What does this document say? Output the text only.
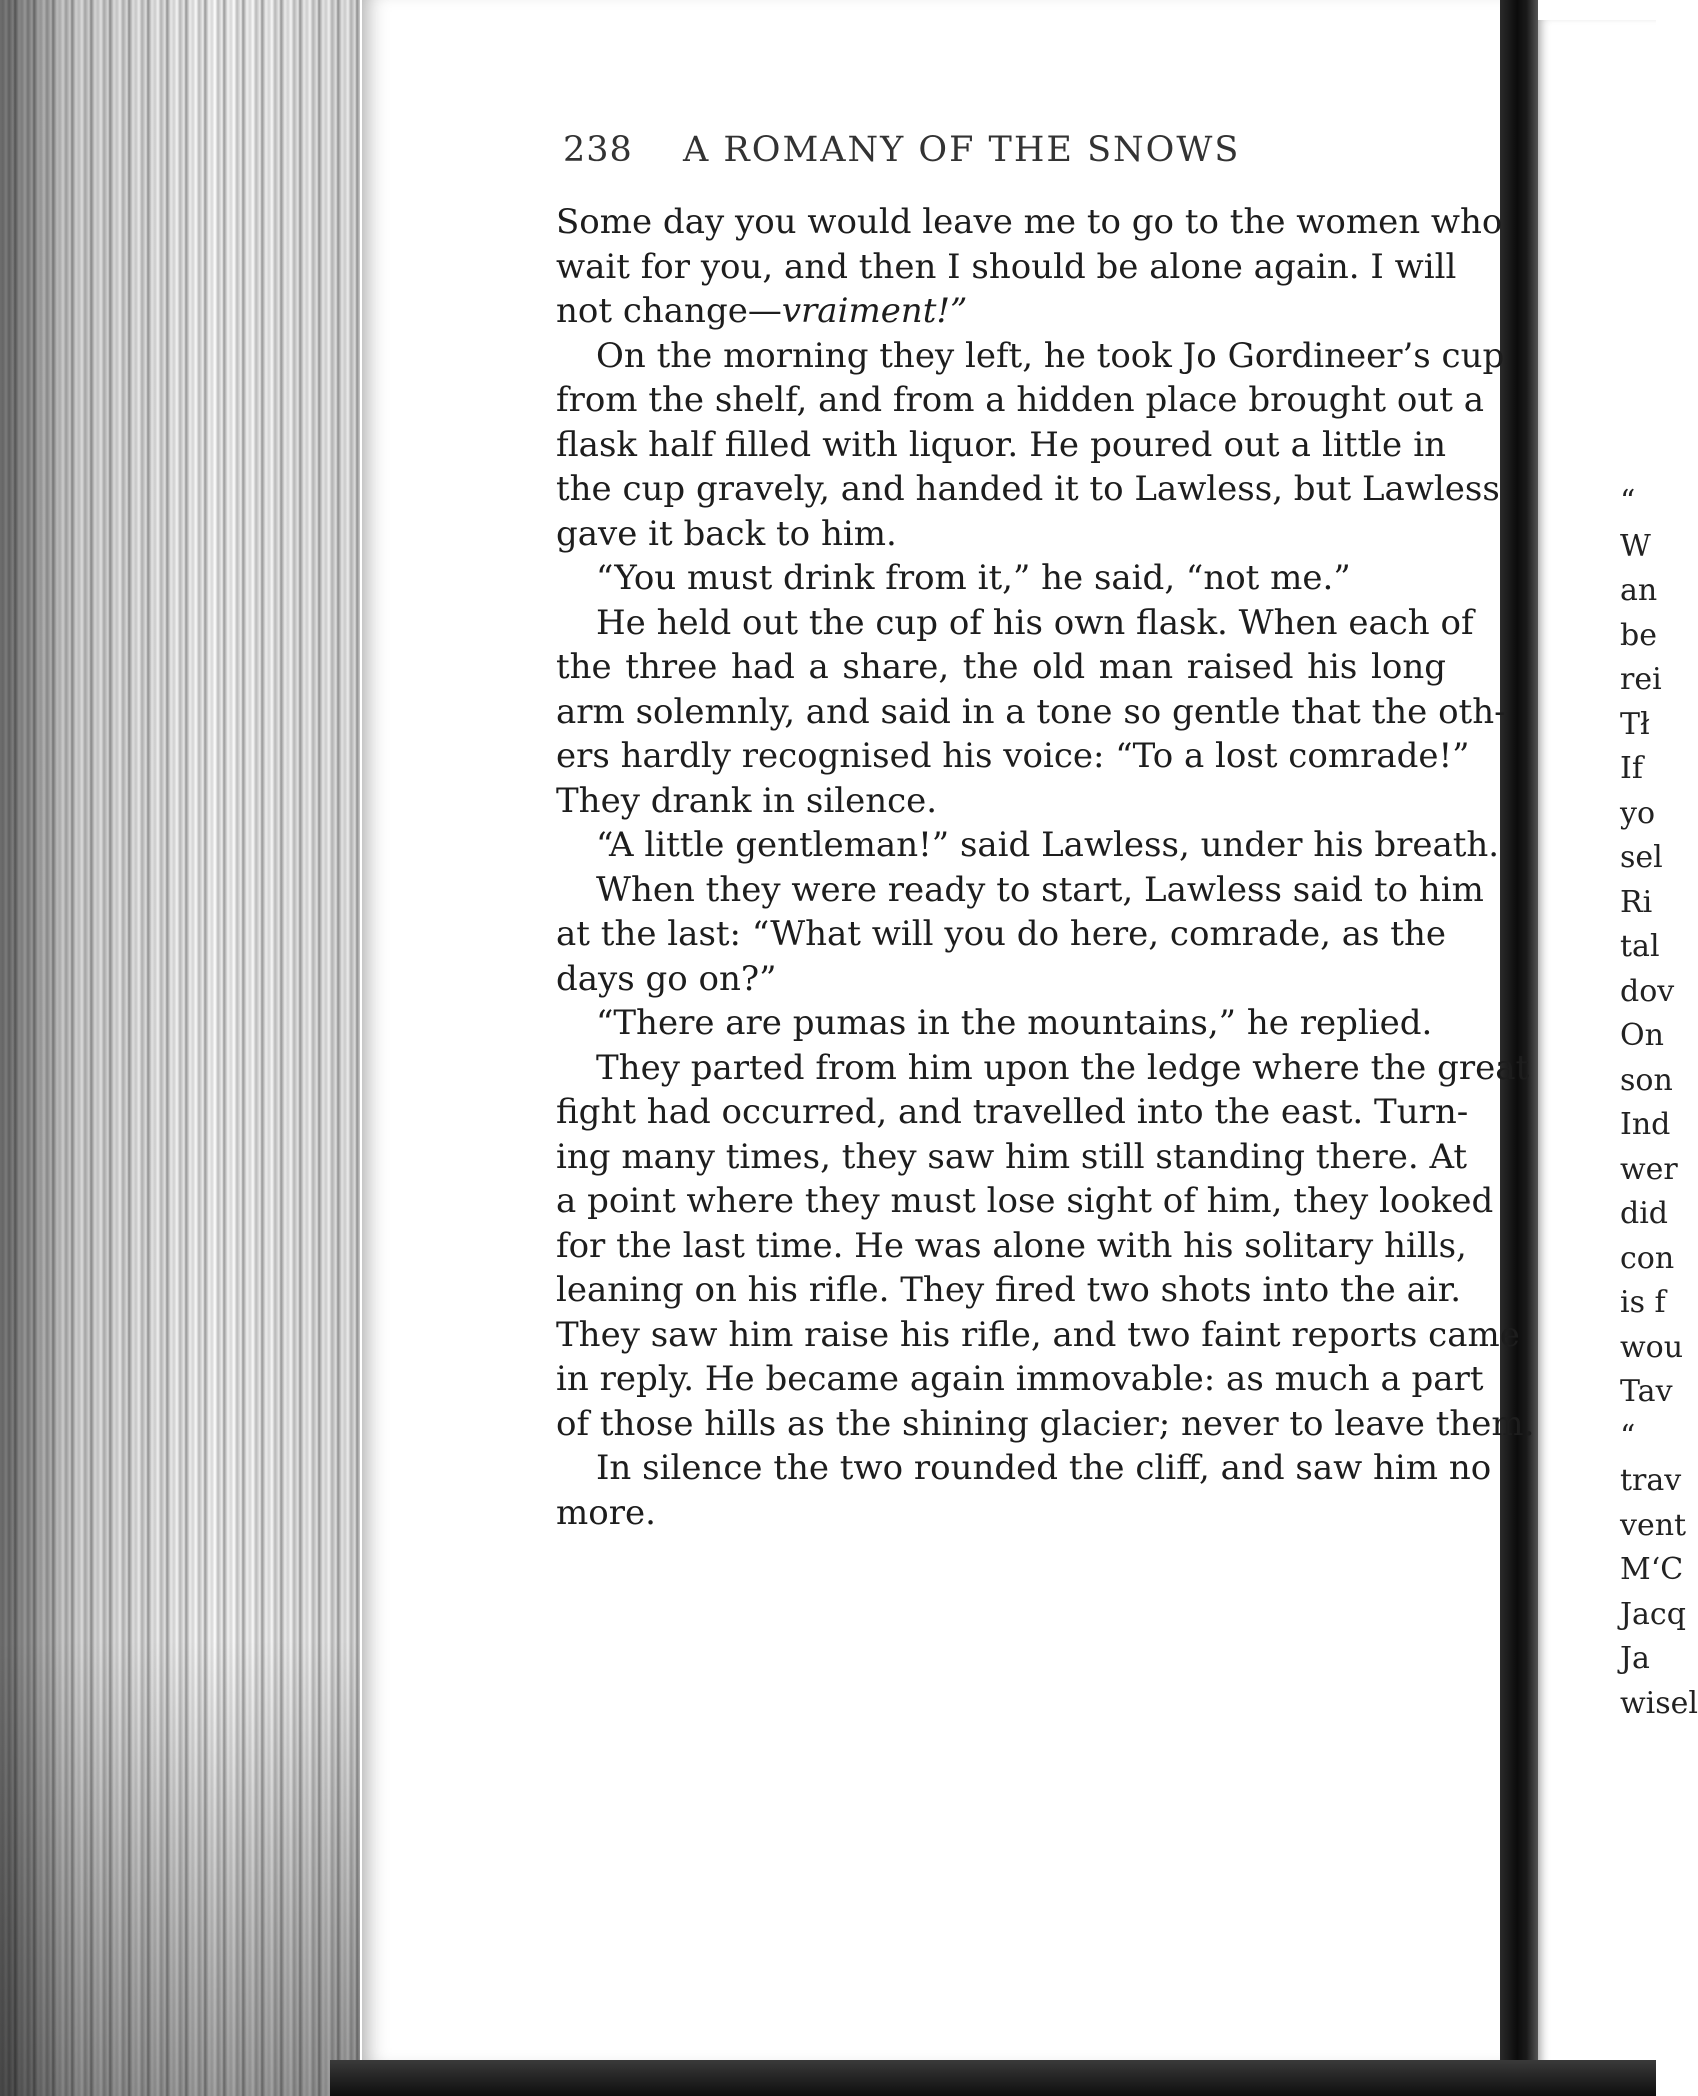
238	A ROMANY OF THE SNOWS
Some day you would leave me to go to the women who
wait for you, and then I should be alone again. I will
not change—vraiment!”
On the morning they left, he took Jo Gordineer’s cup
from the shelf, and from a hidden place brought out a
flask half filled with liquor. He poured out a little in
the cup gravely, and handed it to Lawless, but Lawless
gave it back to him.
“You must drink from it,” he said, “not me.”
He held out the cup of his own flask. When each of
the three had a share, the old man raised his long
arm solemnly, and said in a tone so gentle that the oth-
ers hardly recognised his voice: “To a lost comrade!”
They drank in silence.
“A little gentleman!” said Lawless, under his breath.
When they were ready to start, Lawless said to him
at the last: “What will you do here, comrade, as the
days go on?”
“There are pumas in the mountains,” he replied.
They parted from him upon the ledge where the great
fight had occurred, and travelled into the east. Turn-
ing many times, they saw him still standing there. At
a point where they must lose sight of him, they looked
for the last time. He was alone with his solitary hills,
leaning on his rifle. They fired two shots into the air.
They saw him raise his rifle, and two faint reports came
in reply. He became again immovable: as much a part
of those hills as the shining glacier; never to leave them.
In silence the two rounded the cliff, and saw him no
more.
“
W
an
be
rei
Tł
If
yo
sel
Ri
tal
dov
On
son
Ind
wer
did
con
is f
wou
Tav
“
trav
vent
M‘C
Jacq
Ja
wisel
